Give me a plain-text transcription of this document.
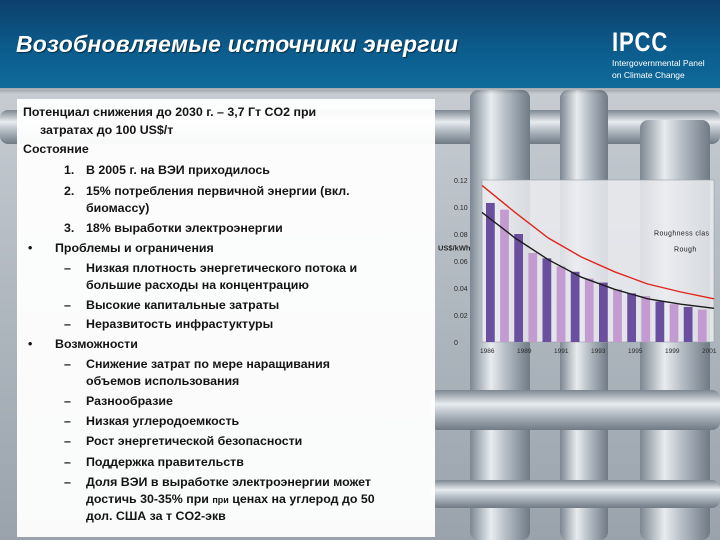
Возобновляемые источники энергии	IPCC
Intergovernmental Panel
on Climate Change
Потенциал снижения до 2030 г. – 3,7 Гт CO2 при
затратах до 100 US$/т
Состояние
1. В 2005 г. на ВЭИ приходилось
2. 15% потребления первичной энергии (вкл.
биомассу)
3. 18% выработки электроэнергии
• Проблемы и ограничения
– Низкая плотность энергетического потока и
большие расходы на концентрацию
– Высокие капитальные затраты
– Неразвитость инфрастуктуры
• Возможности
– Снижение затрат по мере наращивания
объемов использования
– Разнообразие
– Низкая углеродоемкость
– Рост энергетической безопасности
– Поддержка правительств
– Доля ВЭИ в выработке электроэнергии может
достичь 30-35% при при ценах на углерод до 50
дол. США за т CO2-экв
0
0.02
0.04
0.06
0.08
0.10
0.12
US$/kWh
1986	1989	1991	1993	1995	1999	2001
Roughness clas
Rough
